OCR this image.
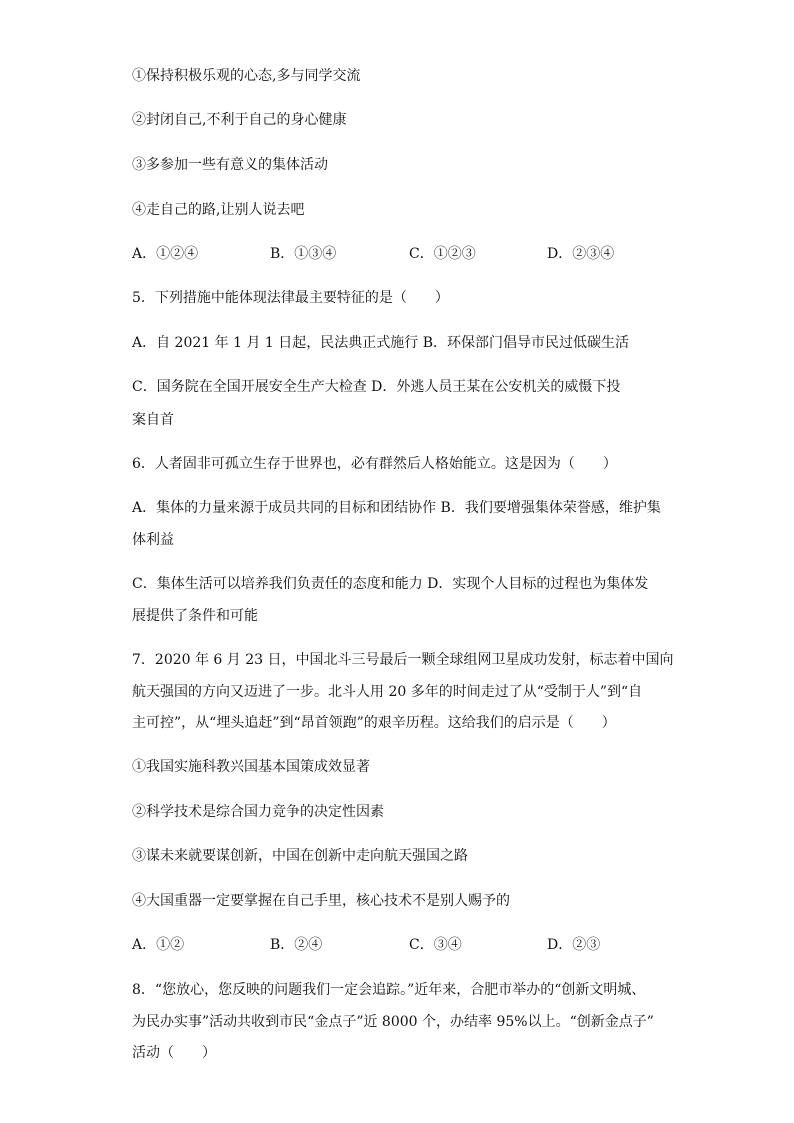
①保持积极乐观的心态,多与同学交流
②封闭自己,不利于自己的身心健康
③多参加一些有意义的集体活动
④走自己的路,让别人说去吧
A．①②④	B．①③④	C．①②③	D．②③④
5．下列措施中能体现法律最主要特征的是（　　）
A．自 2021 年 1 月 1 日起，民法典正式施行 B．环保部门倡导市民过低碳生活
C．国务院在全国开展安全生产大检查 D．外逃人员王某在公安机关的威慑下投
案自首
6．人者固非可孤立生存于世界也，必有群然后人格始能立。这是因为（　　）
A．集体的力量来源于成员共同的目标和团结协作 B．我们要增强集体荣誉感，维护集
体利益
C．集体生活可以培养我们负责任的态度和能力 D．实现个人目标的过程也为集体发
展提供了条件和可能
7．2020 年 6 月 23 日，中国北斗三号最后一颗全球组网卫星成功发射，标志着中国向
航天强国的方向又迈进了一步。北斗人用 20 多年的时间走过了从“受制于人”到“自
主可控”，从“埋头追赶”到“昂首领跑”的艰辛历程。这给我们的启示是（　　）
①我国实施科教兴国基本国策成效显著
②科学技术是综合国力竞争的决定性因素
③谋未来就要谋创新，中国在创新中走向航天强国之路
④大国重器一定要掌握在自己手里，核心技术不是别人赐予的
A．①②	B．②④	C．③④	D．②③
8．“您放心，您反映的问题我们一定会追踪。”近年来，合肥市举办的“创新文明城、
为民办实事”活动共收到市民“金点子”近 8000 个，办结率 95%以上。“创新金点子”
活动（　　）
